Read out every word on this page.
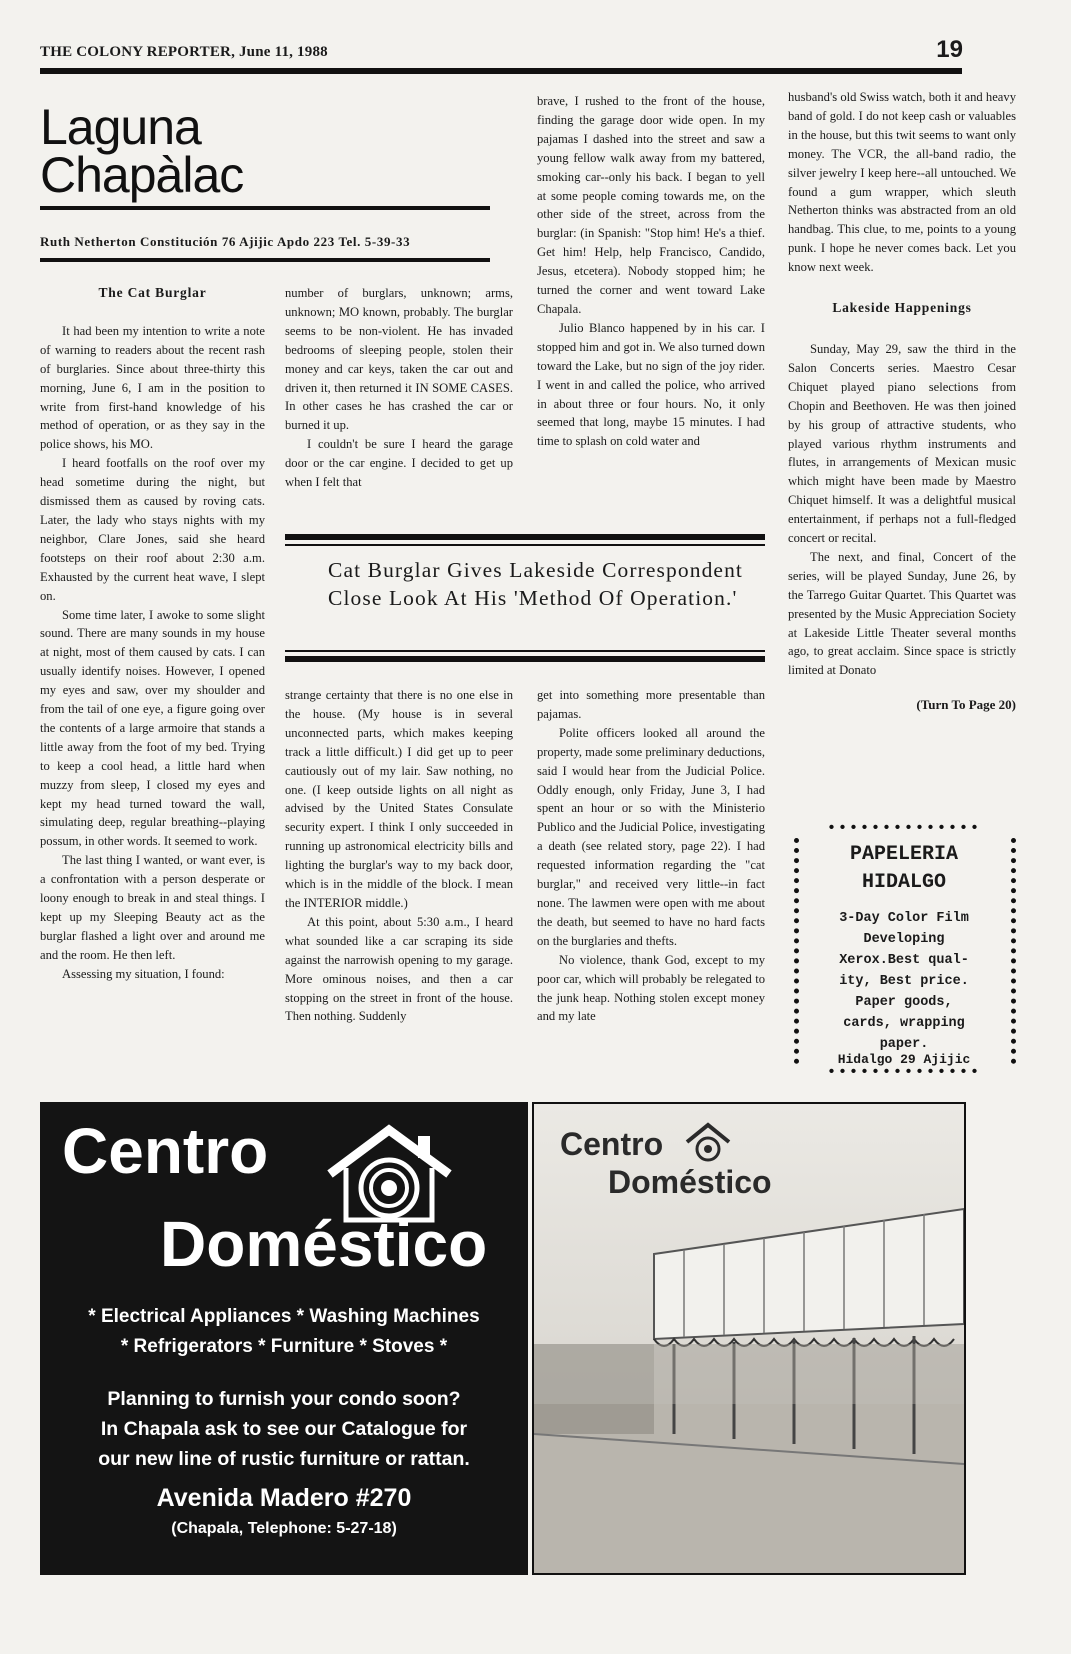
THE COLONY REPORTER, June 11, 1988	19
Laguna
Chapàlac
Ruth Netherton Constitución 76 Ajijic Apdo 223 Tel. 5-39-33
The Cat Burglar

It had been my intention to write a note of warning to readers about the recent rash of burglaries. Since about three-thirty this morning, June 6, I am in the position to write from first-hand knowledge of his method of operation, or as they say in the police shows, his MO.

I heard footfalls on the roof over my head sometime during the night, but dismissed them as caused by roving cats. Later, the lady who stays nights with my neighbor, Clare Jones, said she heard footsteps on their roof about 2:30 a.m. Exhausted by the current heat wave, I slept on.

Some time later, I awoke to some slight sound. There are many sounds in my house at night, most of them caused by cats. I can usually identify noises. However, I opened my eyes and saw, over my shoulder and from the tail of one eye, a figure going over the contents of a large armoire that stands a little away from the foot of my bed. Trying to keep a cool head, a little hard when muzzy from sleep, I closed my eyes and kept my head turned toward the wall, simulating deep, regular breathing--playing possum, in other words. It seemed to work.

The last thing I wanted, or want ever, is a confrontation with a person desperate or loony enough to break in and steal things. I kept up my Sleeping Beauty act as the burglar flashed a light over and around me and the room. He then left.

Assessing my situation, I found:

number of burglars, unknown; arms, unknown; MO known, probably. The burglar seems to be non-violent. He has invaded bedrooms of sleeping people, stolen their money and car keys, taken the car out and driven it, then returned it IN SOME CASES. In other cases he has crashed the car or burned it up.

I couldn't be sure I heard the garage door or the car engine. I decided to get up when I felt that

brave, I rushed to the front of the house, finding the garage door wide open. In my pajamas I dashed into the street and saw a young fellow walk away from my battered, smoking car--only his back. I began to yell at some people coming towards me, on the other side of the street, across from the burglar: (in Spanish: "Stop him! He's a thief. Get him! Help, help Francisco, Candido, Jesus, etcetera). Nobody stopped him; he turned the corner and went toward Lake Chapala.

Julio Blanco happened by in his car. I stopped him and got in. We also turned down toward the Lake, but no sign of the joy rider. I went in and called the police, who arrived in about three or four hours. No, it only seemed that long, maybe 15 minutes. I had time to splash on cold water and

Cat Burglar Gives Lakeside Correspondent Close Look At His 'Method Of Operation.'

strange certainty that there is no one else in the house. (My house is in several unconnected parts, which makes keeping track a little difficult.) I did get up to peer cautiously out of my lair. Saw nothing, no one. (I keep outside lights on all night as advised by the United States Consulate security expert. I think I only succeeded in running up astronomical electricity bills and lighting the burglar's way to my back door, which is in the middle of the block. I mean the INTERIOR middle.)

At this point, about 5:30 a.m., I heard what sounded like a car scraping its side against the narrowish opening to my garage. More ominous noises, and then a car stopping on the street in front of the house. Then nothing. Suddenly

get into something more presentable than pajamas.

Polite officers looked all around the property, made some preliminary deductions, said I would hear from the Judicial Police. Oddly enough, only Friday, June 3, I had spent an hour or so with the Ministerio Publico and the Judicial Police, investigating a death (see related story, page 22). I had requested information regarding the "cat burglar," and received very little--in fact none. The lawmen were open with me about the death, but seemed to have no hard facts on the burglaries and thefts.

No violence, thank God, except to my poor car, which will probably be relegated to the junk heap. Nothing stolen except money and my late

husband's old Swiss watch, both it and heavy band of gold. I do not keep cash or valuables in the house, but this twit seems to want only money. The VCR, the all-band radio, the silver jewelry I keep here--all untouched. We found a gum wrapper, which sleuth Netherton thinks was abstracted from an old handbag. This clue, to me, points to a young punk. I hope he never comes back. Let you know next week.

Lakeside Happenings

Sunday, May 29, saw the third in the Salon Concerts series. Maestro Cesar Chiquet played piano selections from Chopin and Beethoven. He was then joined by his group of attractive students, who played various rhythm instruments and flutes, in arrangements of Mexican music which might have been made by Maestro Chiquet himself. It was a delightful musical entertainment, if perhaps not a full-fledged concert or recital.

The next, and final, Concert of the series, will be played Sunday, June 26, by the Tarrego Guitar Quartet. This Quartet was presented by the Music Appreciation Society at Lakeside Little Theater several months ago, to great acclaim. Since space is strictly limited at Donato

(Turn To Page 20)
••••••••••••••
••••••••••••••
PAPELERIA
HIDALGO
3-Day Color Film
Developing
Xerox.Best qual-
ity, Best price.
Paper goods,
cards, wrapping
paper.
Hidalgo 29 Ajijic
Centro
Doméstico
* Electrical Appliances * Washing Machines
* Refrigerators * Furniture * Stoves *
Planning to furnish your condo soon?
In Chapala ask to see our Catalogue for
our new line of rustic furniture or rattan.
Avenida Madero #270
(Chapala, Telephone: 5-27-18)
Centro
Doméstico
